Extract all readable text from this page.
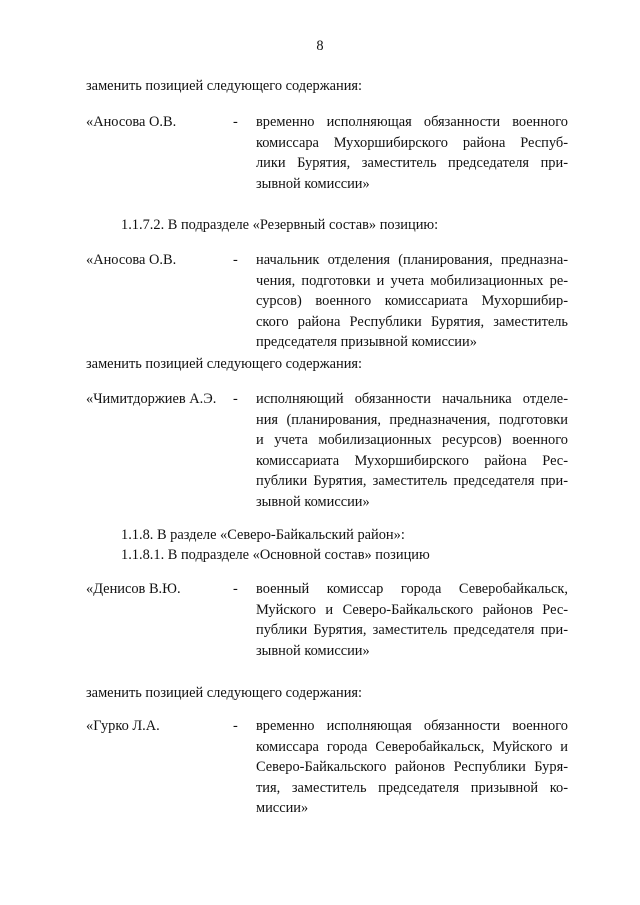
8
заменить позицией следующего содержания:
«Аносова О.В.	- временно исполняющая обязанности военного
комиссара Мухоршибирского района Респуб-
лики Бурятия, заместитель председателя при-
зывной комиссии»
1.1.7.2. В подразделе «Резервный состав» позицию:
«Аносова О.В.	- начальник отделения (планирования, предназна-
чения, подготовки и учета мобилизационных ре-
сурсов) военного комиссариата Мухоршибир-
ского района Республики Бурятия, заместитель
председателя призывной комиссии»
заменить позицией следующего содержания:
«Чимитдоржиев А.Э. - исполняющий обязанности начальника отделе-
ния (планирования, предназначения, подготовки
и учета мобилизационных ресурсов) военного
комиссариата Мухоршибирского района Рес-
публики Бурятия, заместитель председателя при-
зывной комиссии»
1.1.8. В разделе «Северо-Байкальский район»:
1.1.8.1. В подразделе «Основной состав» позицию
«Денисов В.Ю.	- военный комиссар города Северобайкальск,
Муйского и Северо-Байкальского районов Рес-
публики Бурятия, заместитель председателя при-
зывной комиссии»
заменить позицией следующего содержания:
«Гурко Л.А.	- временно исполняющая обязанности военного
комиссара города Северобайкальск, Муйского и
Северо-Байкальского районов Республики Буря-
тия, заместитель председателя призывной ко-
миссии»
